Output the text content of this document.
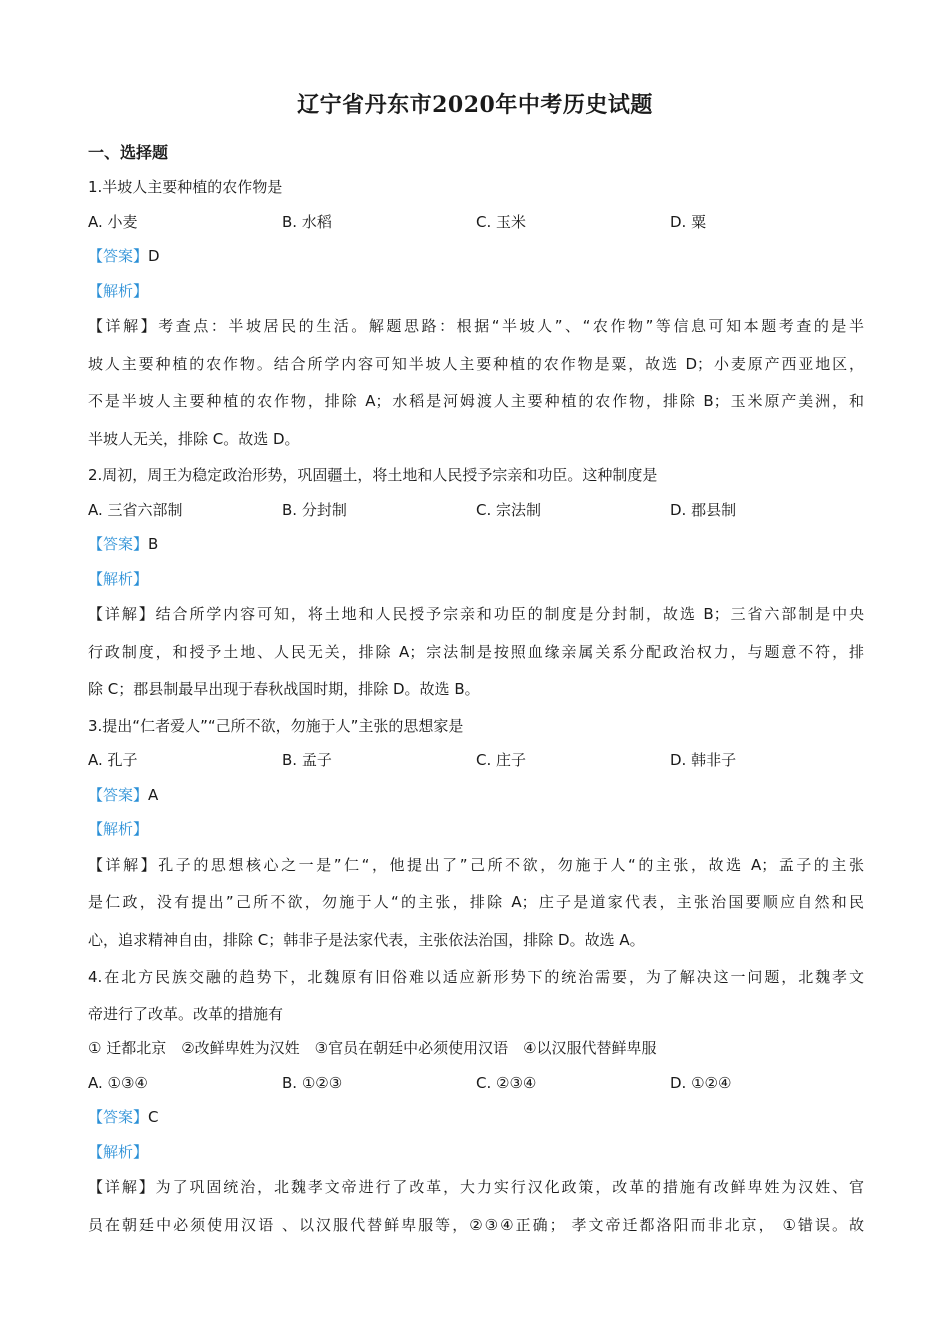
辽宁省丹东市2020年中考历史试题
一、选择题
1.半坡人主要种植的农作物是
A. 小麦	B. 水稻	C. 玉米	D. 粟
【答案】D
【解析】
【详解】考查点：半坡居民的生活。解题思路：根据“半坡人”、“农作物”等信息可知本题考查的是半
坡人主要种植的农作物。结合所学内容可知半坡人主要种植的农作物是粟，故选 D；小麦原产西亚地区，
不是半坡人主要种植的农作物，排除 A；水稻是河姆渡人主要种植的农作物，排除 B；玉米原产美洲，和
半坡人无关，排除 C。故选 D。
2.周初，周王为稳定政治形势，巩固疆土，将土地和人民授予宗亲和功臣。这种制度是
A. 三省六部制	B. 分封制	C. 宗法制	D. 郡县制
【答案】B
【解析】
【详解】结合所学内容可知，将土地和人民授予宗亲和功臣的制度是分封制，故选 B；三省六部制是中央
行政制度，和授予土地、人民无关，排除 A；宗法制是按照血缘亲属关系分配政治权力，与题意不符，排
除 C；郡县制最早出现于春秋战国时期，排除 D。故选 B。
3.提出“仁者爱人”“己所不欲，勿施于人”主张的思想家是
A. 孔子	B. 孟子	C. 庄子	D. 韩非子
【答案】A
【解析】
【详解】孔子的思想核心之一是”仁“，他提出了”己所不欲，勿施于人“的主张，故选 A；孟子的主张
是仁政，没有提出”己所不欲，勿施于人“的主张，排除 A；庄子是道家代表，主张治国要顺应自然和民
心，追求精神自由，排除 C；韩非子是法家代表，主张依法治国，排除 D。故选 A。
4.在北方民族交融的趋势下，北魏原有旧俗难以适应新形势下的统治需要，为了解决这一问题，北魏孝文
帝进行了改革。改革的措施有
① 迁都北京　②改鲜卑姓为汉姓　③官员在朝廷中必须使用汉语　④以汉服代替鲜卑服
A. ①③④	B. ①②③	C. ②③④	D. ①②④
【答案】C
【解析】
【详解】为了巩固统治，北魏孝文帝进行了改革，大力实行汉化政策，改革的措施有改鲜卑姓为汉姓、官
员在朝廷中必须使用汉语 、以汉服代替鲜卑服等，②③④正确； 孝文帝迁都洛阳而非北京， ①错误。故
